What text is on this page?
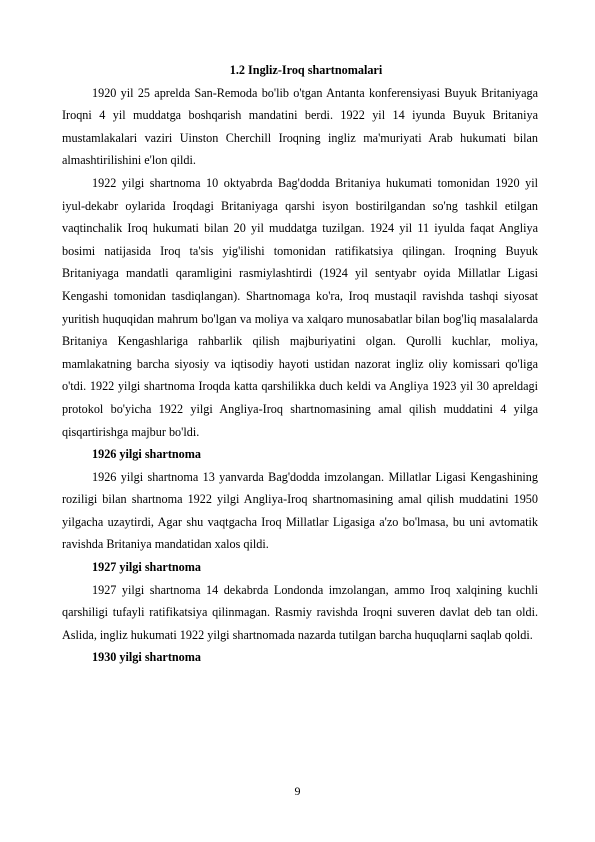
1.2 Ingliz-Iroq shartnomalari

1920 yil 25 aprelda San-Remoda bo'lib o'tgan Antanta konferensiyasi Buyuk Britaniyaga Iroqni 4 yil muddatga boshqarish mandatini berdi. 1922 yil 14 iyunda Buyuk Britaniya mustamlakalari vaziri Uinston Cherchill Iroqning ingliz ma'muriyati Arab hukumati bilan almashtirilishini e'lon qildi.

1922 yilgi shartnoma 10 oktyabrda Bag'dodda Britaniya hukumati tomonidan 1920 yil iyul-dekabr oylarida Iroqdagi Britaniyaga qarshi isyon bostirilgandan so'ng tashkil etilgan vaqtinchalik Iroq hukumati bilan 20 yil muddatga tuzilgan. 1924 yil 11 iyulda faqat Angliya bosimi natijasida Iroq ta'sis yig'ilishi tomonidan ratifikatsiya qilingan. Iroqning Buyuk Britaniyaga mandatli qaramligini rasmiylashtirdi (1924 yil sentyabr oyida Millatlar Ligasi Kengashi tomonidan tasdiqlangan). Shartnomaga ko'ra, Iroq mustaqil ravishda tashqi siyosat yuritish huquqidan mahrum bo'lgan va moliya va xalqaro munosabatlar bilan bog'liq masalalarda Britaniya Kengashlariga rahbarlik qilish majburiyatini olgan. Qurolli kuchlar, moliya, mamlakatning barcha siyosiy va iqtisodiy hayoti ustidan nazorat ingliz oliy komissari qo'liga o'tdi. 1922 yilgi shartnoma Iroqda katta qarshilikka duch keldi va Angliya 1923 yil 30 apreldagi protokol bo'yicha 1922 yilgi Angliya-Iroq shartnomasining amal qilish muddatini 4 yilga qisqartirishga majbur bo'ldi.

1926 yilgi shartnoma

1926 yilgi shartnoma 13 yanvarda Bag'dodda imzolangan. Millatlar Ligasi Kengashining roziligi bilan shartnoma 1922 yilgi Angliya-Iroq shartnomasining amal qilish muddatini 1950 yilgacha uzaytirdi, Agar shu vaqtgacha Iroq Millatlar Ligasiga a'zo bo'lmasa, bu uni avtomatik ravishda Britaniya mandatidan xalos qildi.

1927 yilgi shartnoma

1927 yilgi shartnoma 14 dekabrda Londonda imzolangan, ammo Iroq xalqining kuchli qarshiligi tufayli ratifikatsiya qilinmagan. Rasmiy ravishda Iroqni suveren davlat deb tan oldi. Aslida, ingliz hukumati 1922 yilgi shartnomada nazarda tutilgan barcha huquqlarni saqlab qoldi.

1930 yilgi shartnoma

9
